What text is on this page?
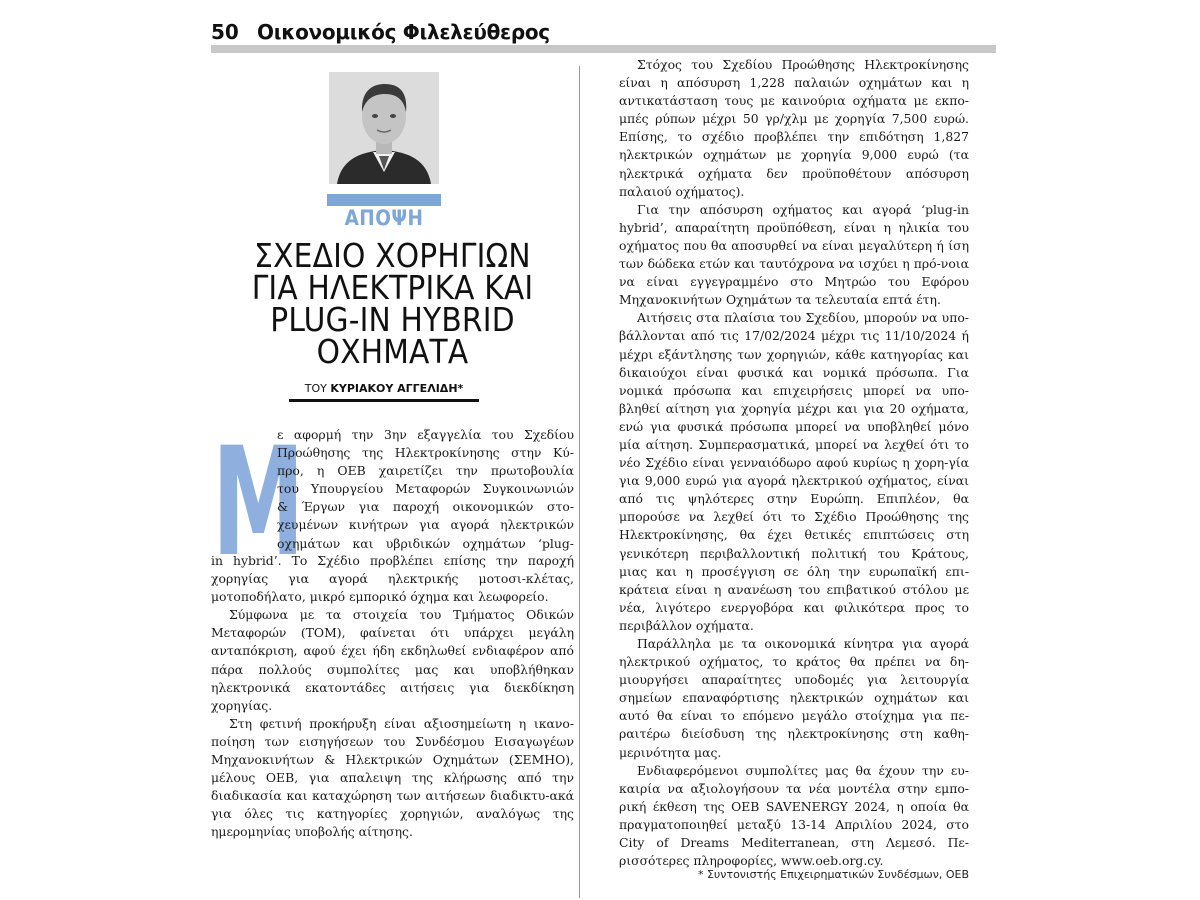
50 Οικονομικός Φιλελεύθερος
ΑΠΟΨΗ
ΣΧΕΔΙΟ ΧΟΡΗΓΙΩΝ
ΓΙΑ ΗΛΕΚΤΡΙΚΑ ΚΑΙ
PLUG-IN HYBRID
ΟΧΗΜΑΤΑ
ΤΟΥ ΚΥΡΙΑΚΟΥ ΑΓΓΕΛΙΔΗ*
Μ

ε αφορμή την 3ην εξαγγελία του Σχεδίου

Προώθησης της Ηλεκτροκίνησης στην Κύ-

προ, η ΟΕΒ χαιρετίζει την πρωτοβουλία

του Υπουργείου Μεταφορών Συγκοινωνιών

& Έργων για παροχή οικονομικών στο-

χευμένων κινήτρων για αγορά ηλεκτρικών

οχημάτων και υβριδικών οχημάτων ‘plug-

in hybrid’. Το Σχέδιο προβλέπει επίσης την παροχή χορηγίας για αγορά ηλεκτρικής μοτοσι-κλέτας, μοτοποδήλατο, μικρό εμπορικό όχημα και λεωφορείο.

Σύμφωνα με τα στοιχεία του Τμήματος Οδικών Μεταφορών (ΤΟΜ), φαίνεται ότι υπάρχει μεγάλη ανταπόκριση, αφού έχει ήδη εκδηλωθεί ενδιαφέρον από πάρα πολλούς συμπολίτες μας και υποβλήθηκαν ηλεκτρονικά εκατοντάδες αιτήσεις για διεκδίκηση χορηγίας.

Στη φετινή προκήρυξη είναι αξιοσημείωτη η ικανο-ποίηση των εισηγήσεων του Συνδέσμου Εισαγωγέων Μηχανοκινήτων & Ηλεκτρικών Οχημάτων (ΣΕΜΗΟ), μέλους ΟΕΒ, για απαλειψη της κλήρωσης από την διαδικασία και καταχώρηση των αιτήσεων διαδικτυ-ακά για όλες τις κατηγορίες χορηγιών, αναλόγως της ημερομηνίας υποβολής αίτησης.

Στόχος του Σχεδίου Προώθησης Ηλεκτροκίνησης είναι η απόσυρση 1,228 παλαιών οχημάτων και η αντικατάσταση τους με καινούρια οχήματα με εκπο-μπές ρύπων μέχρι 50 γρ/χλμ με χορηγία 7,500 ευρώ. Επίσης, το σχέδιο προβλέπει την επιδότηση 1,827 ηλεκτρικών οχημάτων με χορηγία 9,000 ευρώ (τα ηλεκτρικά οχήματα δεν προϋποθέτουν απόσυρση παλαιού οχήματος).

Για την απόσυρση οχήματος και αγορά ‘plug-in hybrid’, απαραίτητη προϋπόθεση, είναι η ηλικία του οχήματος που θα αποσυρθεί να είναι μεγαλύτερη ή ίση των δώδεκα ετών και ταυτόχρονα να ισχύει η πρό-νοια να είναι εγγεγραμμένο στο Μητρώο του Εφόρου Μηχανοκινήτων Οχημάτων τα τελευταία επτά έτη.

Αιτήσεις στα πλαίσια του Σχεδίου, μπορούν να υπο-βάλλονται από τις 17/02/2024 μέχρι τις 11/10/2024 ή μέχρι εξάντλησης των χορηγιών, κάθε κατηγορίας και δικαιούχοι είναι φυσικά και νομικά πρόσωπα. Για νομικά πρόσωπα και επιχειρήσεις μπορεί να υπο-βληθεί αίτηση για χορηγία μέχρι και για 20 οχήματα, ενώ για φυσικά πρόσωπα μπορεί να υποβληθεί μόνο μία αίτηση. Συμπερασματικά, μπορεί να λεχθεί ότι το νέο Σχέδιο είναι γενναιόδωρο αφού κυρίως η χορη-γία για 9,000 ευρώ για αγορά ηλεκτρικού οχήματος, είναι από τις ψηλότερες στην Ευρώπη. Επιπλέον, θα μπορούσε να λεχθεί ότι το Σχέδιο Προώθησης της Ηλεκτροκίνησης, θα έχει θετικές επιπτώσεις στη γενικότερη περιβαλλοντική πολιτική του Κράτους, μιας και η προσέγγιση σε όλη την ευρωπαϊκή επι-κράτεια είναι η ανανέωση του επιβατικού στόλου με νέα, λιγότερο ενεργοβόρα και φιλικότερα προς το περιβάλλον οχήματα.

Παράλληλα με τα οικονομικά κίνητρα για αγορά ηλεκτρικού οχήματος, το κράτος θα πρέπει να δη-μιουργήσει απαραίτητες υποδομές για λειτουργία σημείων επαναφόρτισης ηλεκτρικών οχημάτων και αυτό θα είναι το επόμενο μεγάλο στοίχημα για πε-ραιτέρω διείσδυση της ηλεκτροκίνησης στη καθη-μερινότητα μας.

Ενδιαφερόμενοι συμπολίτες μας θα έχουν την ευ-καιρία να αξιολογήσουν τα νέα μοντέλα στην εμπο-ρική έκθεση της ΟΕΒ SAVENERGY 2024, η οποία θα πραγματοποιηθεί μεταξύ 13-14 Απριλίου 2024, στο City of Dreams Mediterranean, στη Λεμεσό. Πε-ρισσότερες πληροφορίες, www.oeb.org.cy.

* Συντονιστής Επιχειρηματικών Συνδέσμων, ΟΕΒ
